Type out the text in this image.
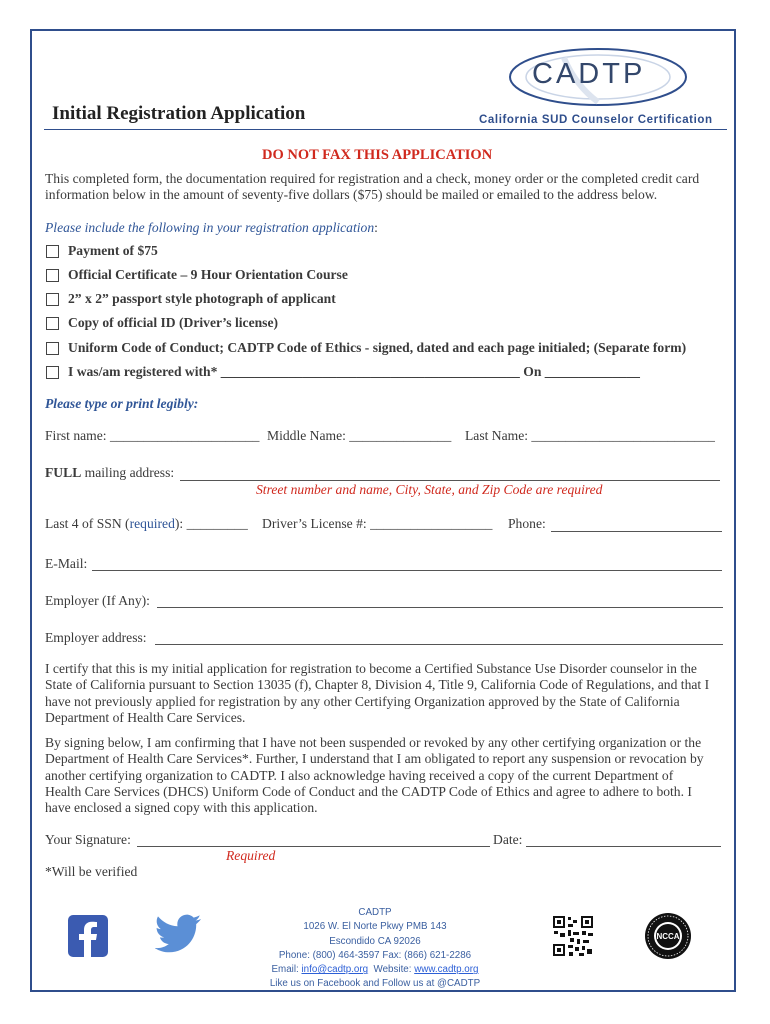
Initial Registration Application
CADTP
California SUD Counselor Certification
DO NOT FAX THIS APPLICATION
This completed form, the documentation required for registration and a check, money order or the completed credit card
information below in the amount of seventy-five dollars ($75) should be mailed or emailed to the address below.
Please include the following in your registration application:
Payment of $75
Official Certificate – 9 Hour Orientation Course
2” x 2” passport style photograph of applicant
Copy of official ID (Driver’s license)
Uniform Code of Conduct; CADTP Code of Ethics - signed, dated and each page initialed; (Separate form)
I was/am registered with* ____________________________________________ On ______________
Please type or print legibly:
First name: ______________________ Middle Name: _______________ Last Name: ___________________________
FULL mailing address:
Street number and name, City, State, and Zip Code are required
Last 4 of SSN (required): _________ Driver’s License #: __________________ Phone:
E-Mail:
Employer (If Any):
Employer address:
I certify that this is my initial application for registration to become a Certified Substance Use Disorder counselor in the
State of California pursuant to Section 13035 (f), Chapter 8, Division 4, Title 9, California Code of Regulations, and that I
have not previously applied for registration by any other Certifying Organization approved by the State of California
Department of Health Care Services.
By signing below, I am confirming that I have not been suspended or revoked by any other certifying organization or the
Department of Health Care Services*. Further, I understand that I am obligated to report any suspension or revocation by
another certifying organization to CADTP. I also acknowledge having received a copy of the current Department of
Health Care Services (DHCS) Uniform Code of Conduct and the CADTP Code of Ethics and agree to adhere to both. I
have enclosed a signed copy with this application.
Your Signature:	Date:
Required
*Will be verified
CADTP
1026 W. El Norte Pkwy PMB 143
Escondido CA 92026
Phone: (800) 464-3597 Fax: (866) 621-2286
Email: info@cadtp.org Website: www.cadtp.org
Like us on Facebook and Follow us at @CADTP
NCCA
